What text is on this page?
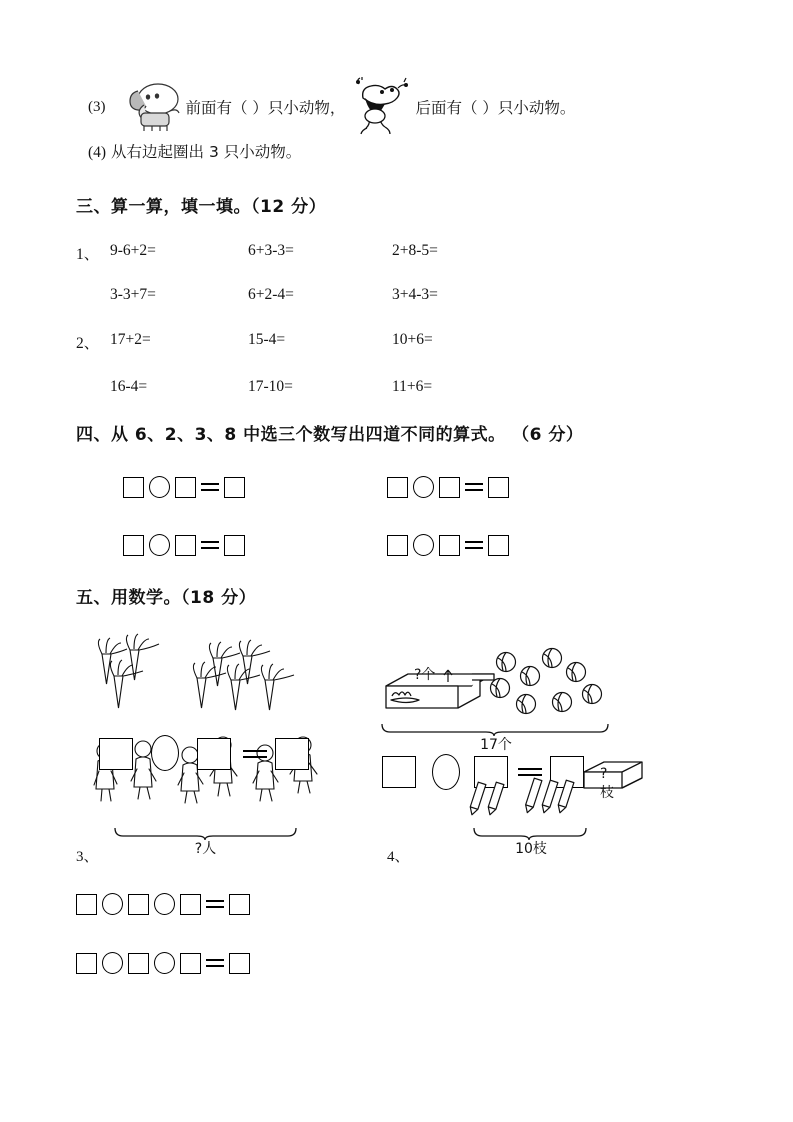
(3)	前面有（ ）只小动物，	后面有（ ）只小动物。
(4) 从右边起圈出 3 只小动物。
三、算一算，填一填。（12 分）
1、 9-6+2=	6+3-3=	2+8-5=
3-3+7=	6+2-4=	3+4-3=
2、 17+2=	15-4=	10+6=
16-4=	17-10=	11+6=
四、从 6、2、3、8 中选三个数写出四道不同的算式。 （6 分）
五、用数学。（18 分）
?人
?个
17个
?枝
10枝
3、	4、
